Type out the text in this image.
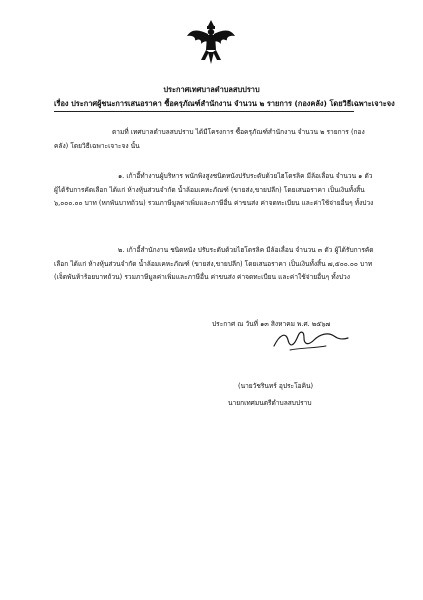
ประกาศเทศบาลตำบลสบปราบ
เรื่อง ประกาศผู้ชนะการเสนอราคา ซื้อครุภัณฑ์สำนักงาน จำนวน ๒ รายการ (กองคลัง) โดยวิธีเฉพาะเจาะจง
ตามที่ เทศบาลตำบลสบปราบ ได้มีโครงการ ซื้อครุภัณฑ์สำนักงาน จำนวน ๒ รายการ (กองคลัง) โดยวิธีเฉพาะเจาะจง นั้น
๑. เก้าอี้ทำงานผู้บริหาร พนักพิงสูงชนิดหนังปรับระดับด้วยไฮโดรลิค มีล้อเลื่อน จำนวน ๑ ตัว ผู้ได้รับการคัดเลือก ได้แก่ ห้างหุ้นส่วนจำกัด น้ำล้อมเคหะภัณฑ์ (ขายส่ง,ขายปลีก) โดยเสนอราคา เป็นเงินทั้งสิ้น ๖,๐๐๐.๐๐ บาท (หกพันบาทถ้วน) รวมภาษีมูลค่าเพิ่มและภาษีอื่น ค่าขนส่ง ค่าจดทะเบียน และค่าใช้จ่ายอื่นๆ ทั้งปวง
๒. เก้าอี้สำนักงาน ชนิดหนัง ปรับระดับด้วยไฮโดรลิค มีล้อเลื่อน จำนวน ๓ ตัว ผู้ได้รับการคัดเลือก ได้แก่ ห้างหุ้นส่วนจำกัด น้ำล้อมเคหะภัณฑ์ (ขายส่ง,ขายปลีก) โดยเสนอราคา เป็นเงินทั้งสิ้น ๗,๕๐๐.๐๐ บาท (เจ็ดพันห้าร้อยบาทถ้วน) รวมภาษีมูลค่าเพิ่มและภาษีอื่น ค่าขนส่ง ค่าจดทะเบียน และค่าใช้จ่ายอื่นๆ ทั้งปวง
ประกาศ ณ วันที่ ๑๓ สิงหาคม พ.ศ. ๒๕๖๗
(นายวัชรินทร์ อุประโอคิน)
นายกเทศมนตรีตำบลสบปราบ
